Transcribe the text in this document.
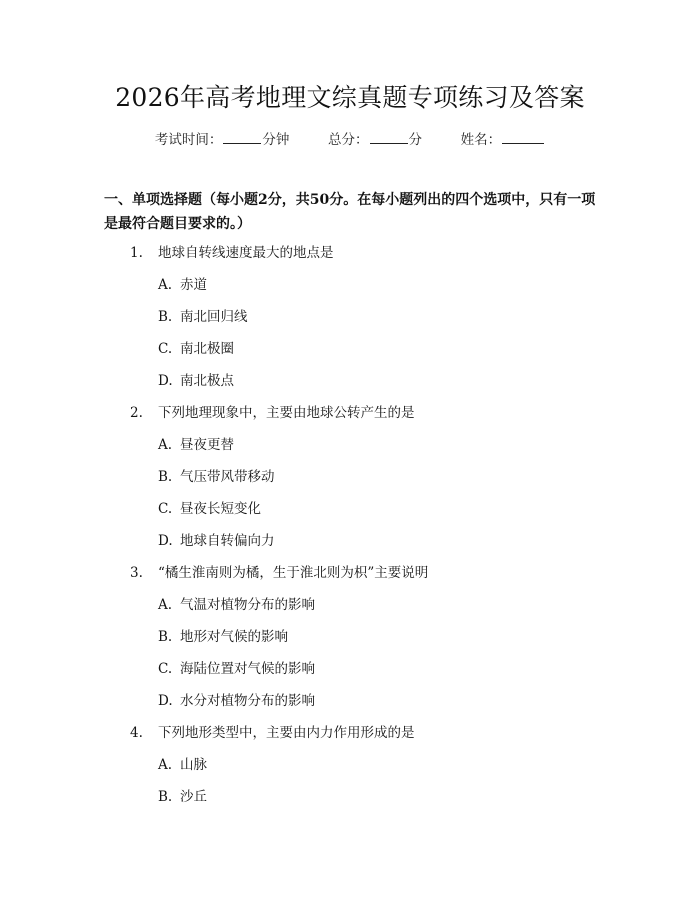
2026年高考地理文综真题专项练习及答案
考试时间：	分钟	总分：	分	姓名：
一、单项选择题（每小题2分，共50分。在每小题列出的四个选项中，只有一项是最符合题目要求的。）
1. 地球自转线速度最大的地点是
A. 赤道
B. 南北回归线
C. 南北极圈
D. 南北极点
2. 下列地理现象中，主要由地球公转产生的是
A. 昼夜更替
B. 气压带风带移动
C. 昼夜长短变化
D. 地球自转偏向力
3. “橘生淮南则为橘，生于淮北则为枳”主要说明
A. 气温对植物分布的影响
B. 地形对气候的影响
C. 海陆位置对气候的影响
D. 水分对植物分布的影响
4. 下列地形类型中，主要由内力作用形成的是
A. 山脉
B. 沙丘
